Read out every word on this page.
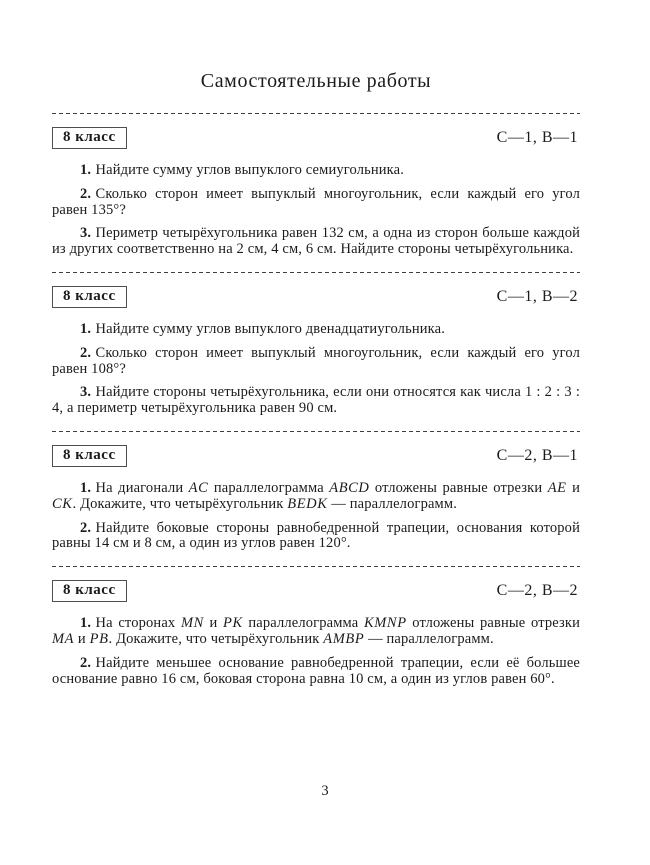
Самостоятельные работы
8 класс	С—1, В—1

1. Найдите сумму углов выпуклого семиугольника.

2. Сколько сторон имеет выпуклый многоугольник, если каждый его угол равен 135°?

3. Периметр четырёхугольника равен 132 см, а одна из сторон больше каждой из других соответственно на 2 см, 4 см, 6 см. Найдите стороны четырёхугольника.

8 класс	С—1, В—2

1. Найдите сумму углов выпуклого двенадцатиугольника.

2. Сколько сторон имеет выпуклый многоугольник, если каждый его угол равен 108°?

3. Найдите стороны четырёхугольника, если они относятся как числа 1 : 2 : 3 : 4, а периметр четырёхугольника равен 90 см.

8 класс	С—2, В—1

1. На диагонали AC параллелограмма ABCD отложены равные отрезки AE и CK. Докажите, что четырёхугольник BEDK — параллелограмм.

2. Найдите боковые стороны равнобедренной трапеции, основания которой равны 14 см и 8 см, а один из углов равен 120°.

8 класс	С—2, В—2

1. На сторонах MN и PK параллелограмма KMNP отложены равные отрезки MA и PB. Докажите, что четырёхугольник AMBP — параллелограмм.

2. Найдите меньшее основание равнобедренной трапеции, если её большее основание равно 16 см, боковая сторона равна 10 см, а один из углов равен 60°.

3
